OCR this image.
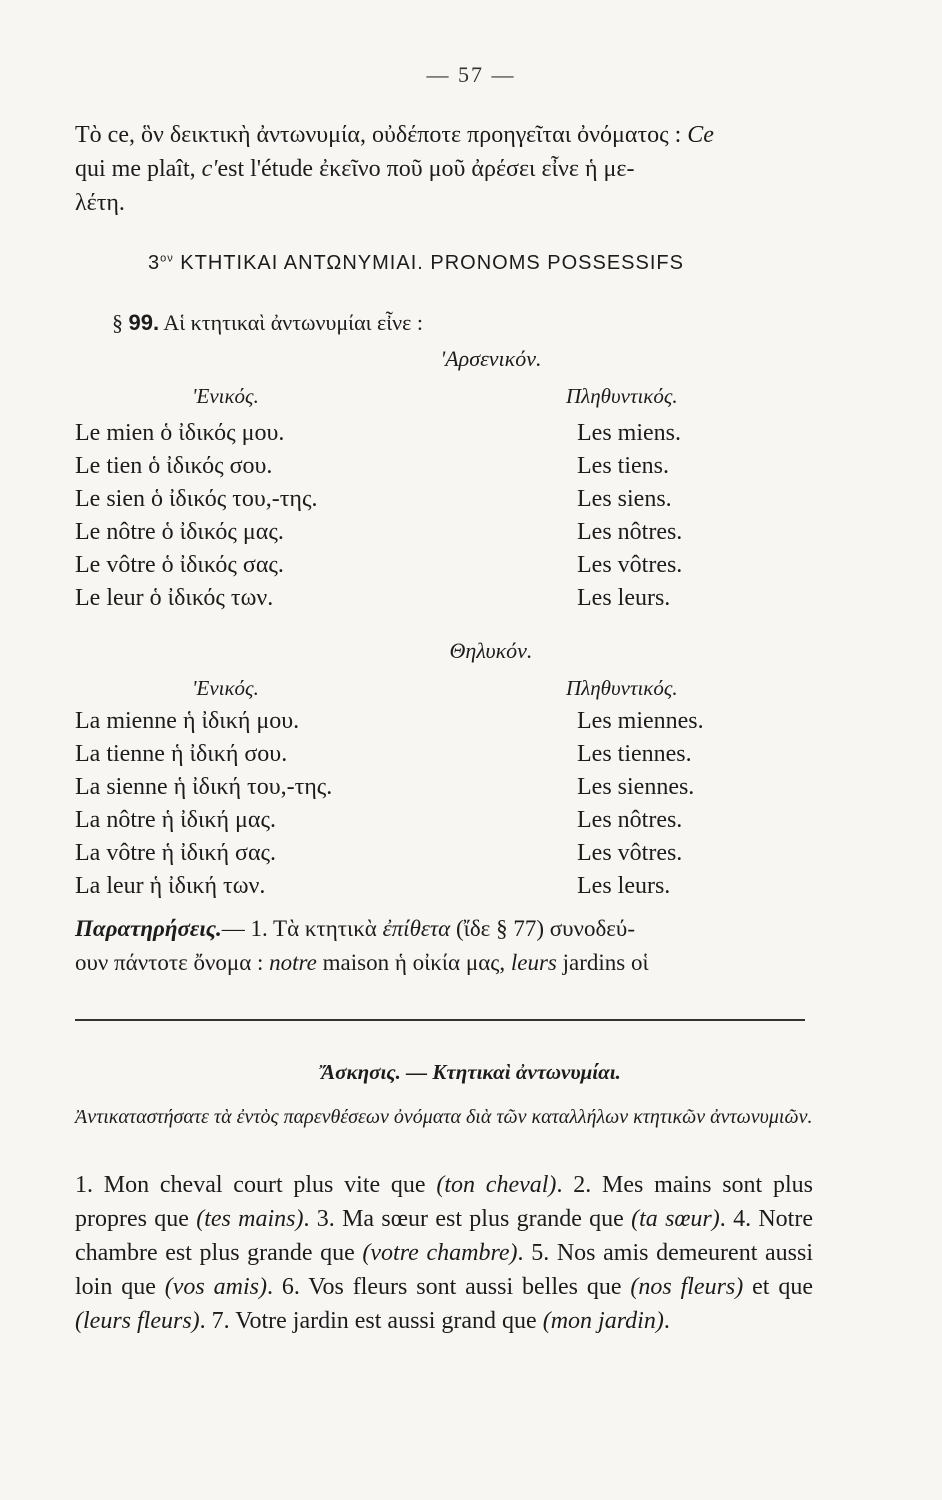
— 57 —
Τὸ ce, ὃν δεικτικὴ ἀντωνυμία, οὐδέποτε προηγεῖται ὀνόματος : Ce
qui me plaît, c'est l'étude ἐκεῖνο ποῦ μοῦ ἀρέσει εἶνε ἡ με-
λέτη.
$3^{o\nu}$ ΚΤΗΤΙΚΑΙ ΑΝΤΩΝΥΜΙΑΙ. PRONOMS POSSESSIFS
§ 99. Αἱ κτητικαὶ ἀντωνυμίαι εἶνε :
'Αρσενικόν.
'Ενικός.	Πληθυντικός.
Le mien ὁ ἰδικός μου.	Les miens.
Le tien ὁ ἰδικός σου.	Les tiens.
Le sien ὁ ἰδικός του,-της.	Les siens.
Le nôtre ὁ ἰδικός μας.	Les nôtres.
Le vôtre ὁ ἰδικός σας.	Les vôtres.
Le leur ὁ ἰδικός των.	Les leurs.
Θηλυκόν.
'Ενικός.	Πληθυντικός.
La mienne ἡ ἰδική μου.	Les miennes.
La tienne ἡ ἰδική σου.	Les tiennes.
La sienne ἡ ἰδική του,-της.	Les siennes.
La nôtre ἡ ἰδική μας.	Les nôtres.
La vôtre ἡ ἰδική σας.	Les vôtres.
La leur ἡ ἰδική των.	Les leurs.
Παρατηρήσεις.— 1. Τὰ κτητικὰ ἐπίθετα (ἴδε § 77) συνοδεύ-
ουν πάντοτε ὄνομα : notre maison ἡ οἰκία μας, leurs jardins οἱ
Ἄσκησις. — Κτητικαὶ ἀντωνυμίαι.
Ἀντικαταστήσατε τὰ ἐντὸς παρενθέσεων ὀνόματα διὰ τῶν καταλλήλων κτητικῶν ἀντωνυμιῶν.
1. Mon cheval court plus vite que (ton cheval). 2. Mes mains sont plus propres que (tes mains). 3. Ma sœur est plus grande que (ta sœur). 4. Notre chambre est plus grande que (votre chambre). 5. Nos amis demeurent aussi loin que (vos amis). 6. Vos fleurs sont aussi belles que (nos fleurs) et que (leurs fleurs). 7. Votre jardin est aussi grand que (mon jardin).
